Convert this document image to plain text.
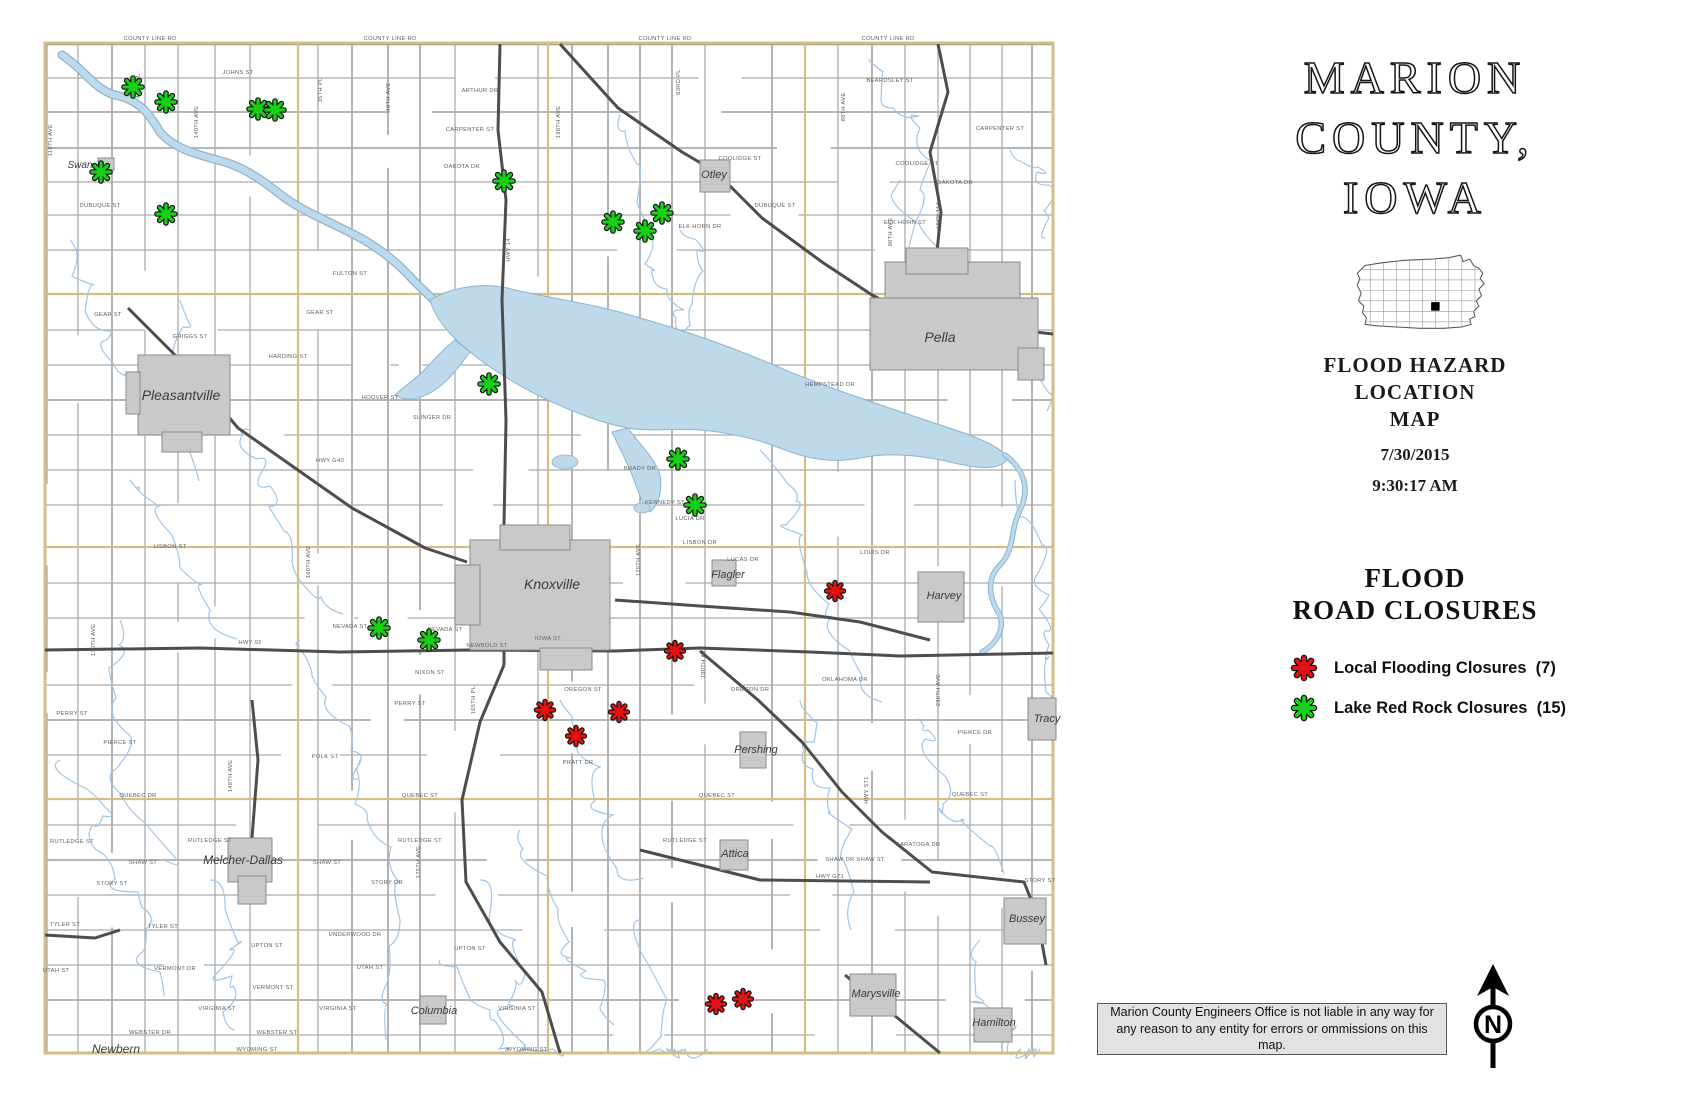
Swan
Pleasantville
Otley
Pella
Knoxville
Flagler
Harvey
Tracy
Pershing
Melcher-Dallas	Attica
Bussey
Marysville
Hamilton
Columbia
Newbern
COUNTY LINE RD	COUNTY LINE RD	COUNTY LINE RD	COUNTY LINE RD
JOHNS ST
ARTHUR DR
CARPENTER ST	CARPENTER ST
BEARDSLEY ST
COOLIDGE ST
COOLIDGE ST
DAKOTA DR
DAKOTA DR
ELK HORN DR
ELK HORN ST
DUBUQUE ST	DUBUQUE ST
FULTON ST
GEAR ST	GEAR ST
GRIGGS ST
HARDING ST
HOOVER ST
SLINGER DR
HEMPSTEAD DR
LISBON ST
LISBON DR
LUCAS DR
LOUIS DR
NEVADA ST	NEVADA ST
NEWBOLD ST
IOWA ST
NIXON ST
PERRY ST
PERRY ST
OREGON ST	OREGON DR
OKLAHOMA DR
PIERCE ST
PIERCE DR
POLK ST
QUEBEC DR	QUEBEC ST	QUEBEC ST	QUEBEC ST
PRATT DR
RUTLEDGE ST	RUTLEDGE ST	RUTLEDGE ST	RUTLEDGE ST
SHAW ST	SHAW ST	SHAW DR SHAW ST
SARATOGA DR
STORY ST	STORY DR	STORY ST
TYLER ST	TYLER ST
UNDERWOOD DR
UPTON ST	UPTON ST
UTAH ST	UTAH ST
VERMONT DR
VERMONT ST
VIRGINIA ST	VIRGINIA ST	VIRGINIA ST
WEBSTER DR	WEBSTER ST
WYOMING ST	WYOMING ST
KENNEDY ST
BRADY DR
HWY 92
HWY G71
HWY G40
LUCIA DR
110TH AVE
130TH AVE
140TH AVE
148TH AVE
160TH AVE
175TH AVE
198TH AVE
40TH PL	35TH PL	48TH AVE
63RD PL
88TH AVE
98TH AVE
HWY 114
HWY S71
125TH AVE
190TH AVE
230TH AVE
165TH PL
HWY 14
MARION
COUNTY,
IOWA
FLOOD HAZARD
LOCATION
MAP
7/30/2015
9:30:17 AM
FLOOD
ROAD CLOSURES
Local Flooding Closures  (7)
Lake Red Rock Closures  (15)
Marion County Engineers Office is not liable in any way for any reason to any entity for errors or ommissions on this map.
N
